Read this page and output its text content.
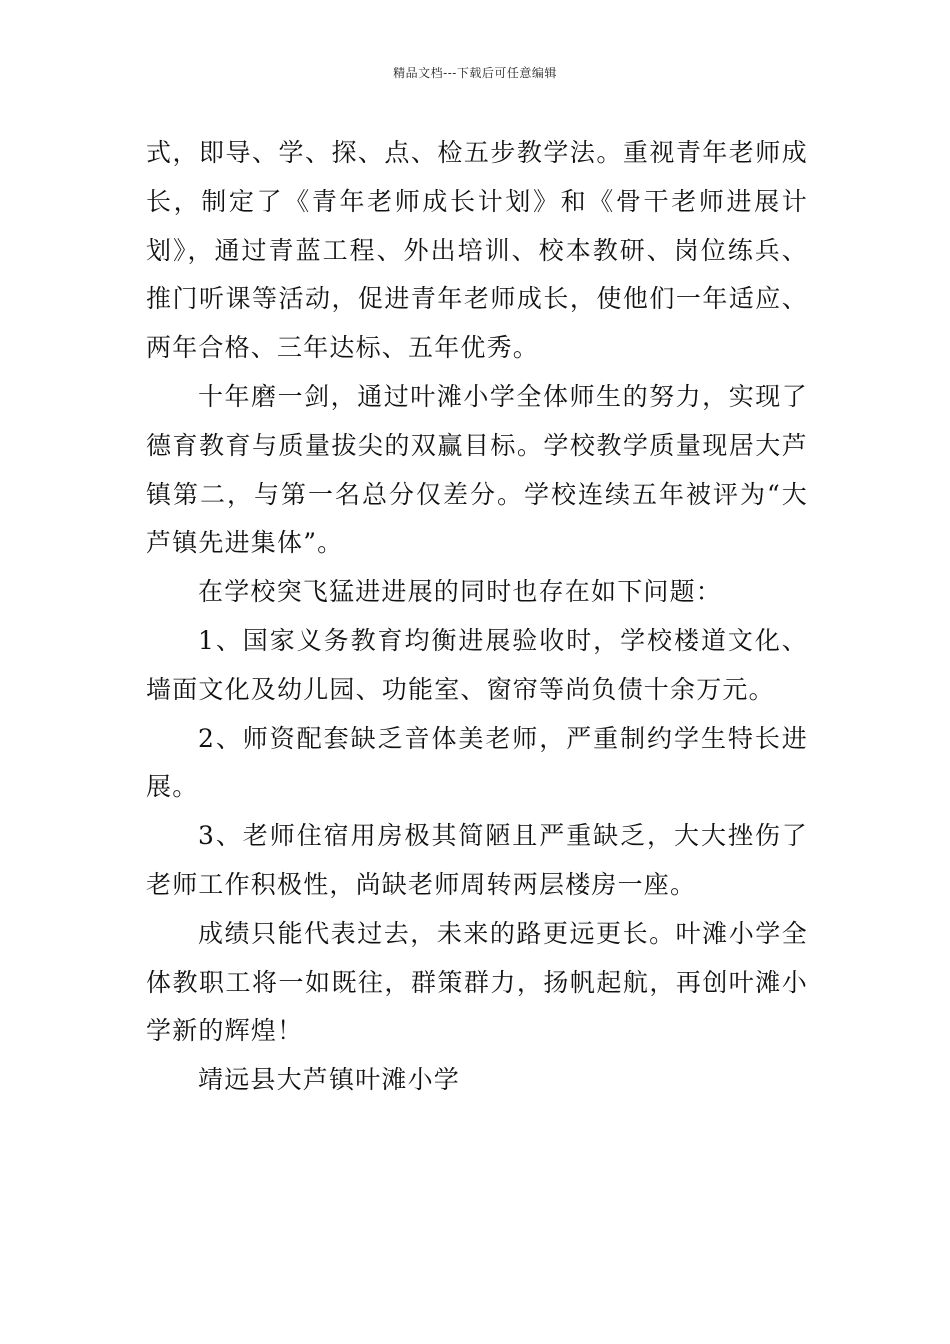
精品文档---下载后可任意编辑

式，即导、学、探、点、检五步教学法。重视青年老师成长，制定了《青年老师成长计划》和《骨干老师进展计划》，通过青蓝工程、外出培训、校本教研、岗位练兵、推门听课等活动，促进青年老师成长，使他们一年适应、两年合格、三年达标、五年优秀。

十年磨一剑，通过叶滩小学全体师生的努力，实现了德育教育与质量拔尖的双赢目标。学校教学质量现居大芦镇第二，与第一名总分仅差分。学校连续五年被评为“大芦镇先进集体”。

在学校突飞猛进进展的同时也存在如下问题：

1、国家义务教育均衡进展验收时，学校楼道文化、墙面文化及幼儿园、功能室、窗帘等尚负债十余万元。

2、师资配套缺乏音体美老师，严重制约学生特长进展。

3、老师住宿用房极其简陋且严重缺乏，大大挫伤了老师工作积极性，尚缺老师周转两层楼房一座。

成绩只能代表过去，未来的路更远更长。叶滩小学全体教职工将一如既往，群策群力，扬帆起航，再创叶滩小学新的辉煌！

靖远县大芦镇叶滩小学
